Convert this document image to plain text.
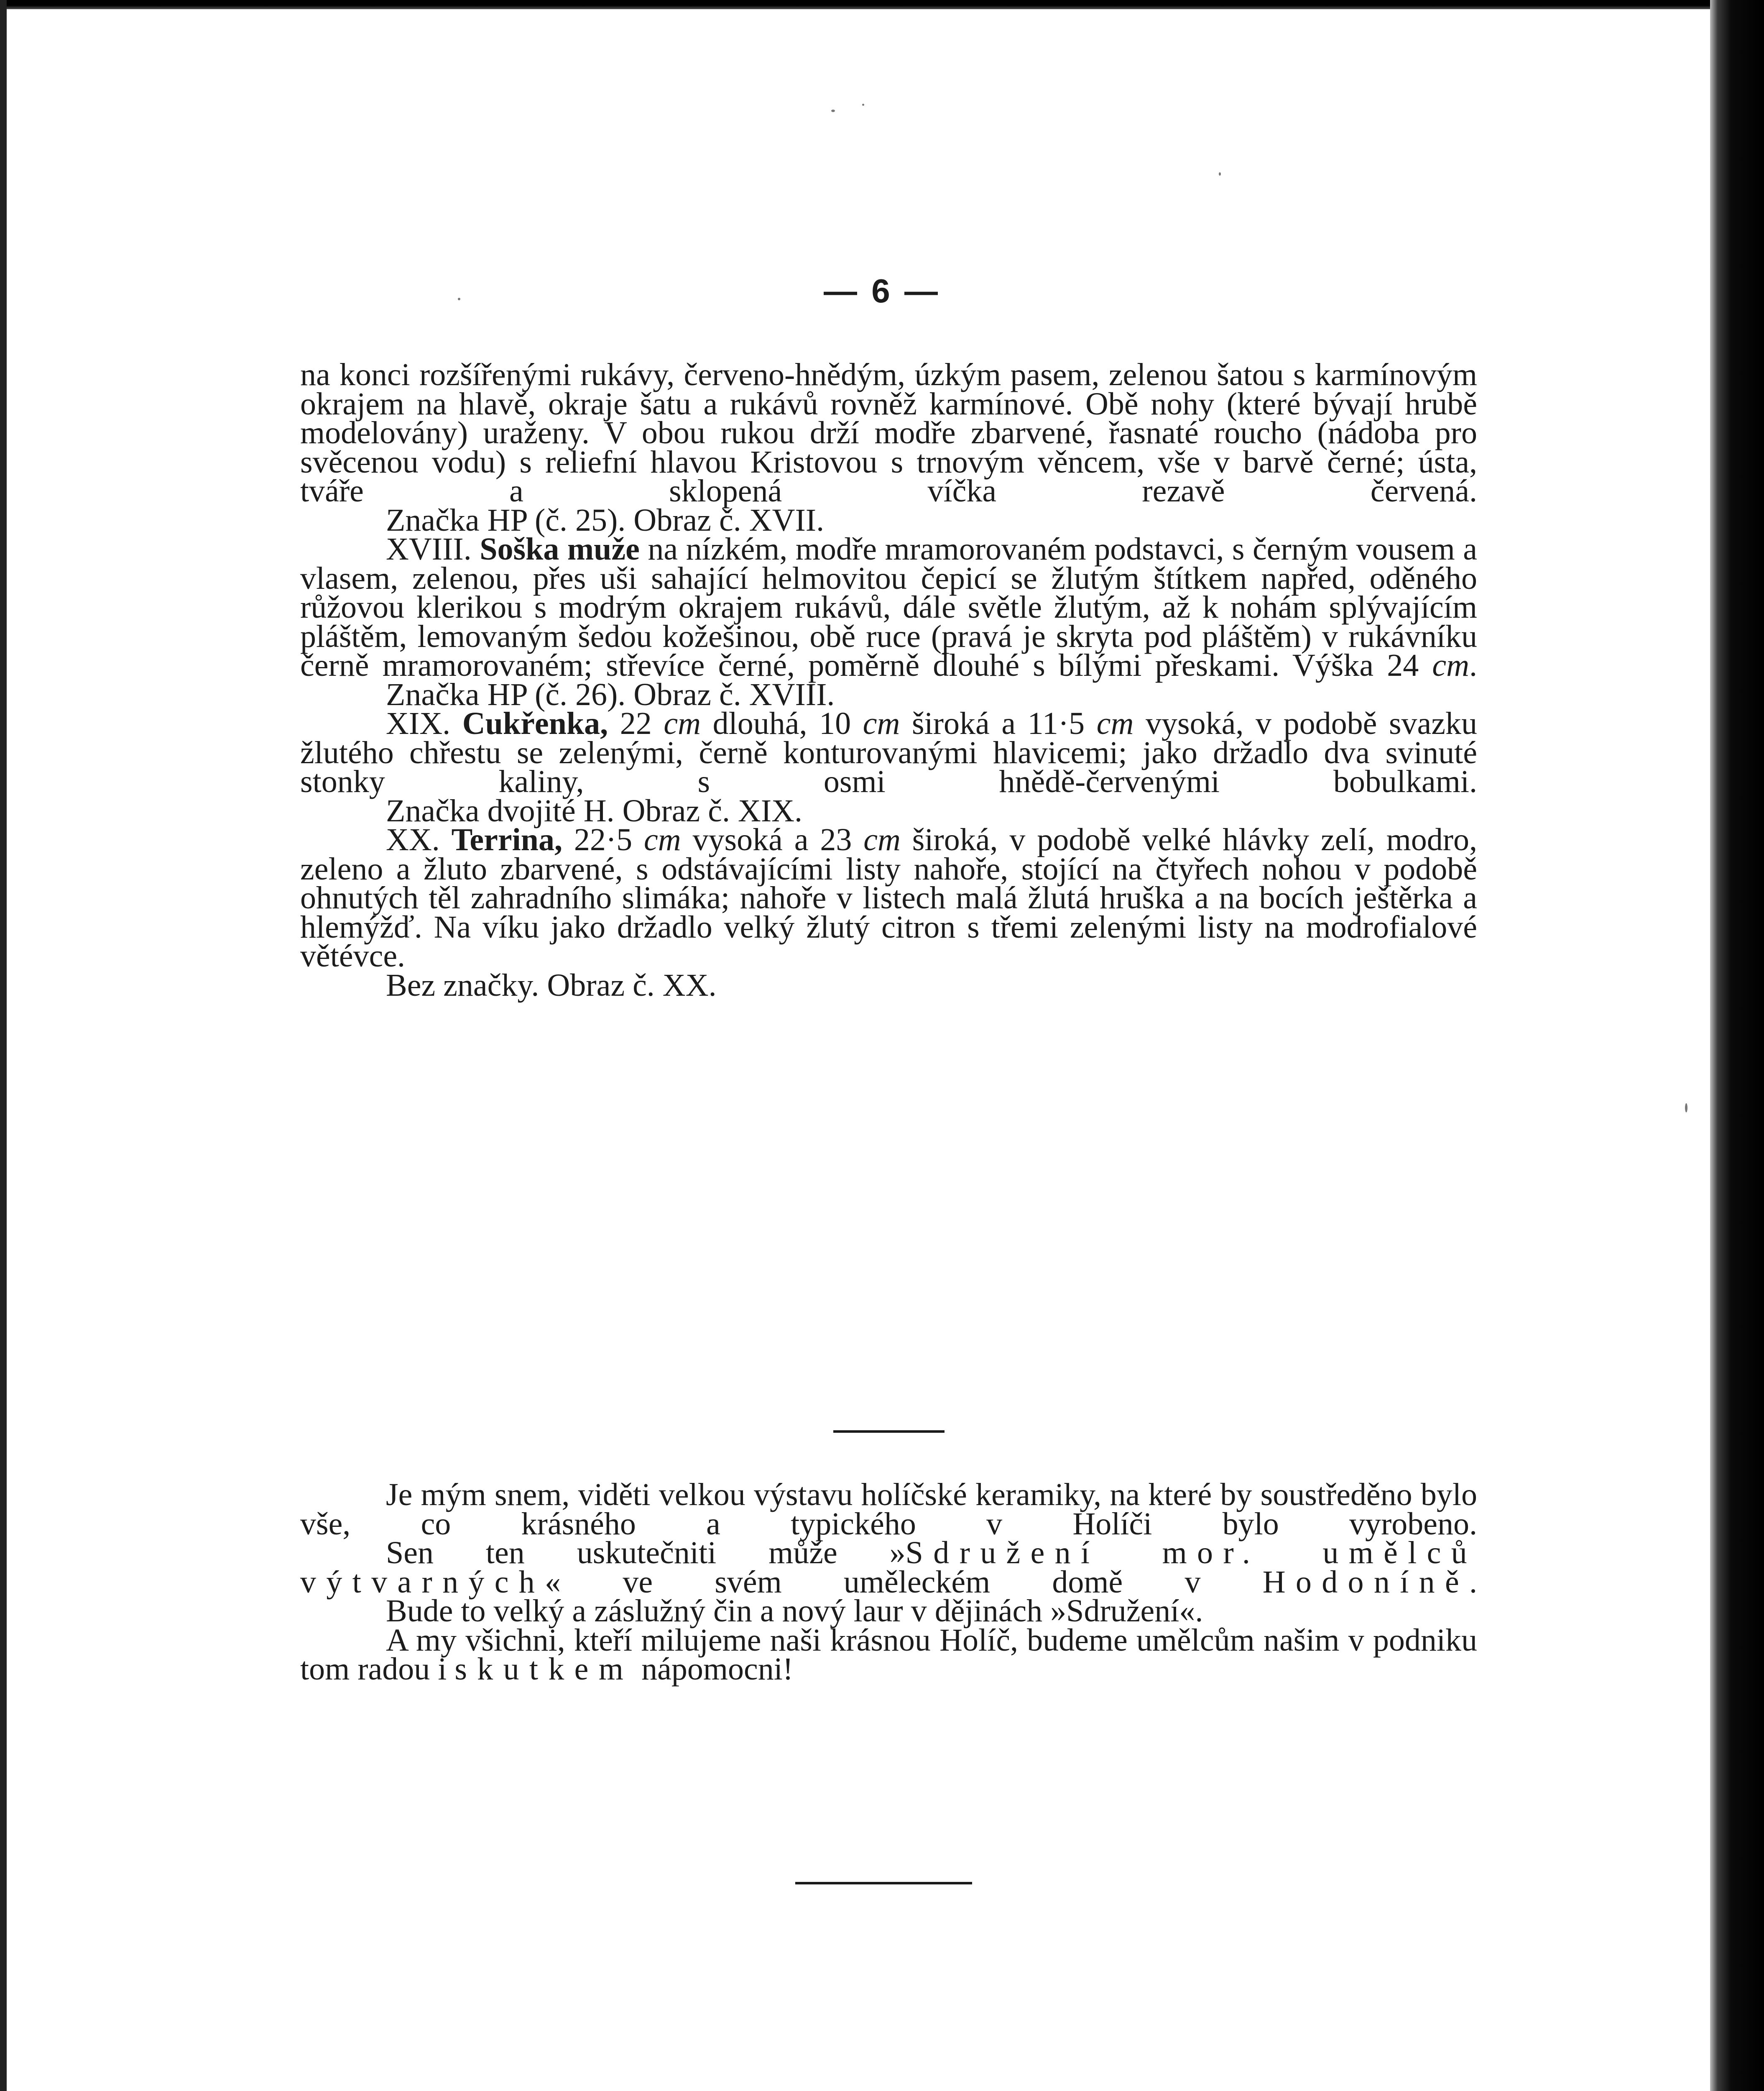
— 6 —

na konci rozšířenými rukávy, červeno-hnědým, úzkým pasem, zelenou šatou s karmínovým okrajem na hlavě, okraje šatu a rukávů rovněž karmínové. Obě nohy (které bývají hrubě modelovány) uraženy. V obou rukou drží modře zbarvené, řasnaté roucho (nádoba pro svěcenou vodu) s reliefní hlavou Kristovou s trnovým věncem, vše v barvě černé; ústa, tváře a sklopená víčka rezavě červená.

Značka HP (č. 25). Obraz č. XVII.

XVIII. Soška muže na nízkém, modře mramorovaném podstavci, s černým vousem a vlasem, zelenou, přes uši sahající helmovitou čepicí se žlutým štítkem napřed, oděného růžovou klerikou s modrým okrajem rukávů, dále světle žlutým, až k nohám splývajícím pláštěm, lemovaným šedou kožešinou, obě ruce (pravá je skryta pod pláštěm) v rukávníku černě mramorovaném; střevíce černé, poměrně dlouhé s bílými přeskami. Výška 24 cm.

Značka HP (č. 26). Obraz č. XVIII.

XIX. Cukřenka, 22 cm dlouhá, 10 cm široká a 11·5 cm vysoká, v podobě svazku žlutého chřestu se zelenými, černě konturovanými hlavicemi; jako držadlo dva svinuté stonky kaliny, s osmi hnědě-červenými bobulkami.

Značka dvojité H. Obraz č. XIX.

XX. Terrina, 22·5 cm vysoká a 23 cm široká, v podobě velké hlávky zelí, modro, zeleno a žluto zbarvené, s odstávajícími listy nahoře, stojící na čtyřech nohou v podobě ohnutých těl zahradního slimáka; nahoře v listech malá žlutá hruška a na bocích ještěrka a hlemýžď. Na víku jako držadlo velký žlutý citron s třemi zelenými listy na modrofialové větévce.

Bez značky. Obraz č. XX.

Je mým snem, viděti velkou výstavu holíčské keramiky, na které by soustředěno bylo vše, co krásného a typického v Holíči bylo vyrobeno.

Sen ten uskutečniti může »Sdružení mor. umělců výtvarných« ve svém uměleckém domě v Hodoníně.

Bude to velký a záslužný čin a nový laur v dějinách »Sdružení«.

A my všichni, kteří milujeme naši krásnou Holíč, budeme umělcům našim v podniku tom radou i skutkem nápomocni!
